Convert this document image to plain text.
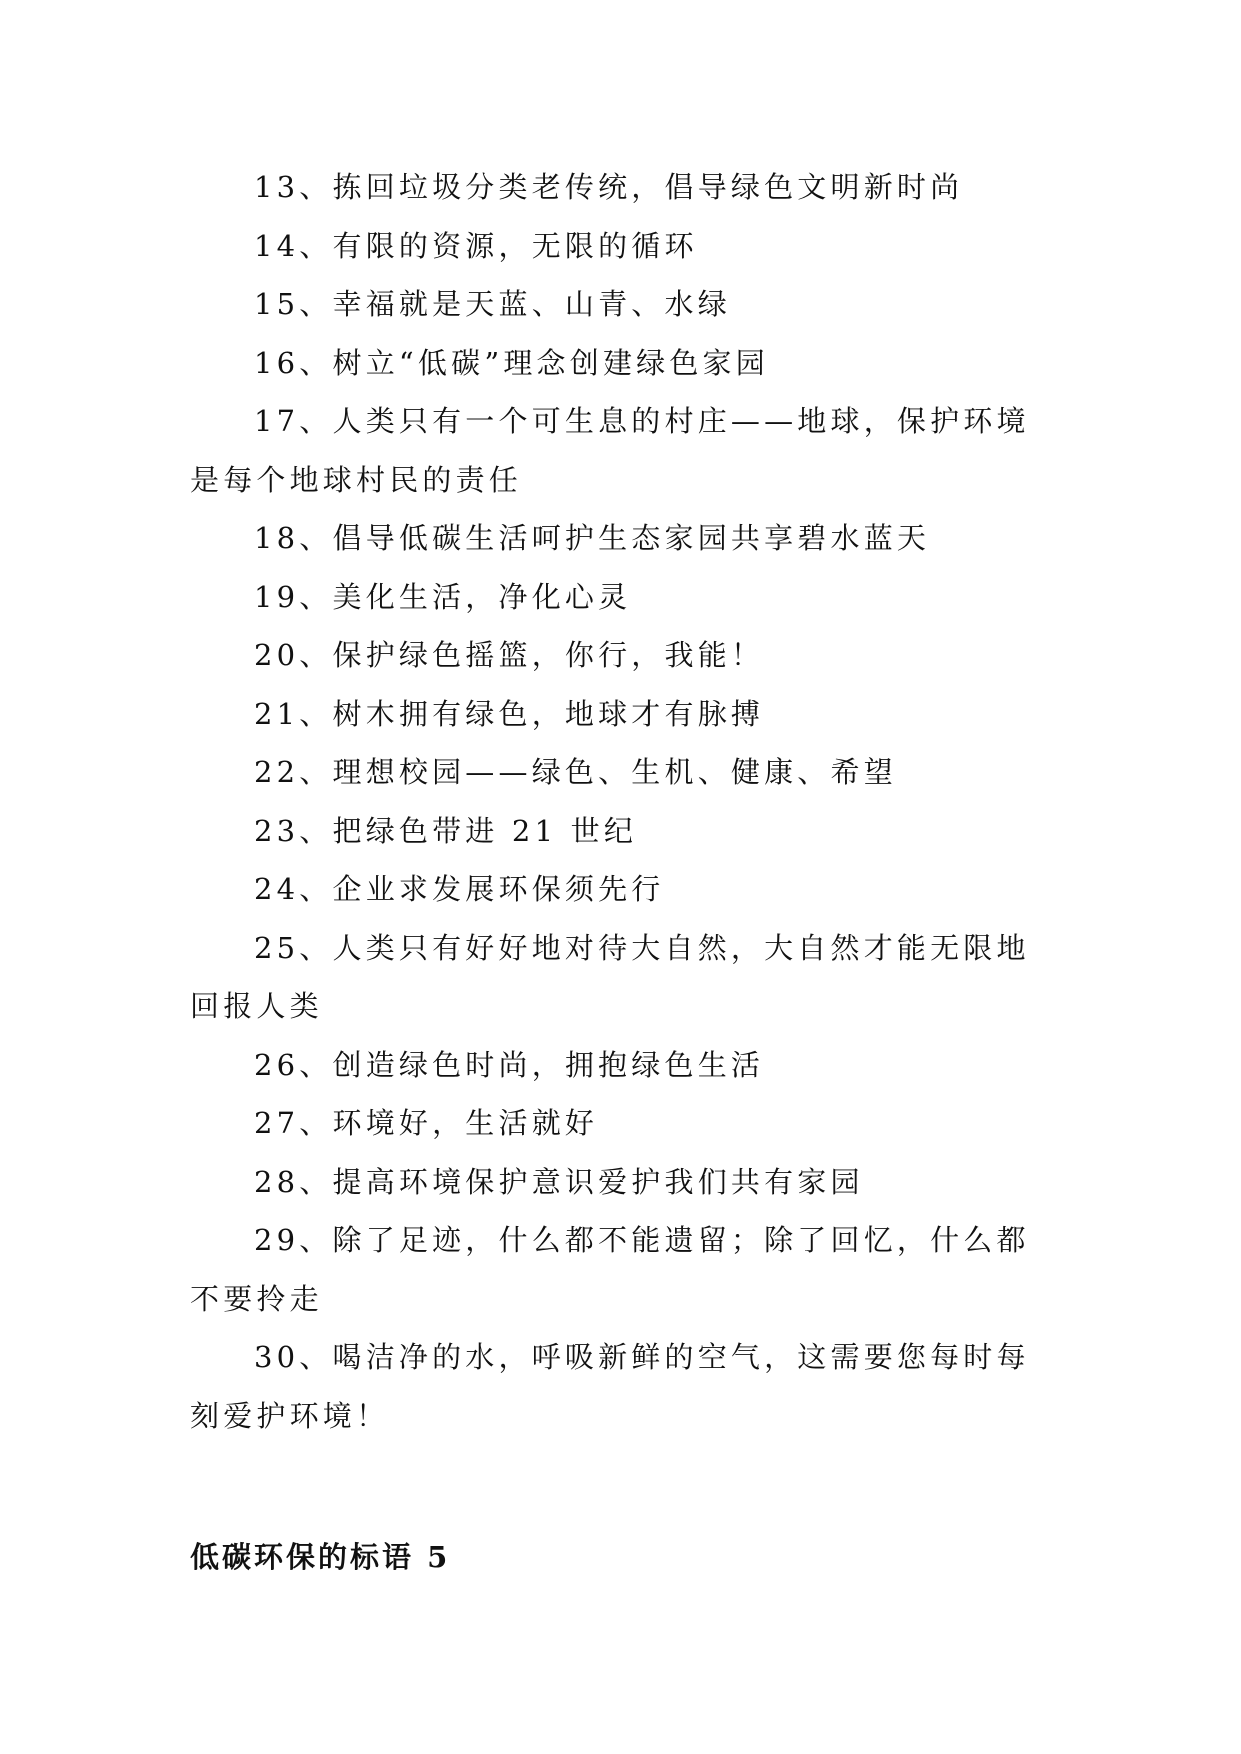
13、拣回垃圾分类老传统，倡导绿色文明新时尚

14、有限的资源，无限的循环

15、幸福就是天蓝、山青、水绿

16、树立“低碳”理念创建绿色家园

17、人类只有一个可生息的村庄——地球，保护环境是每个地球村民的责任

18、倡导低碳生活呵护生态家园共享碧水蓝天

19、美化生活，净化心灵

20、保护绿色摇篮，你行，我能！

21、树木拥有绿色，地球才有脉搏

22、理想校园——绿色、生机、健康、希望

23、把绿色带进 21 世纪

24、企业求发展环保须先行

25、人类只有好好地对待大自然，大自然才能无限地回报人类

26、创造绿色时尚，拥抱绿色生活

27、环境好，生活就好

28、提高环境保护意识爱护我们共有家园

29、除了足迹，什么都不能遗留；除了回忆，什么都不要拎走

30、喝洁净的水，呼吸新鲜的空气，这需要您每时每刻爱护环境！

低碳环保的标语 5
